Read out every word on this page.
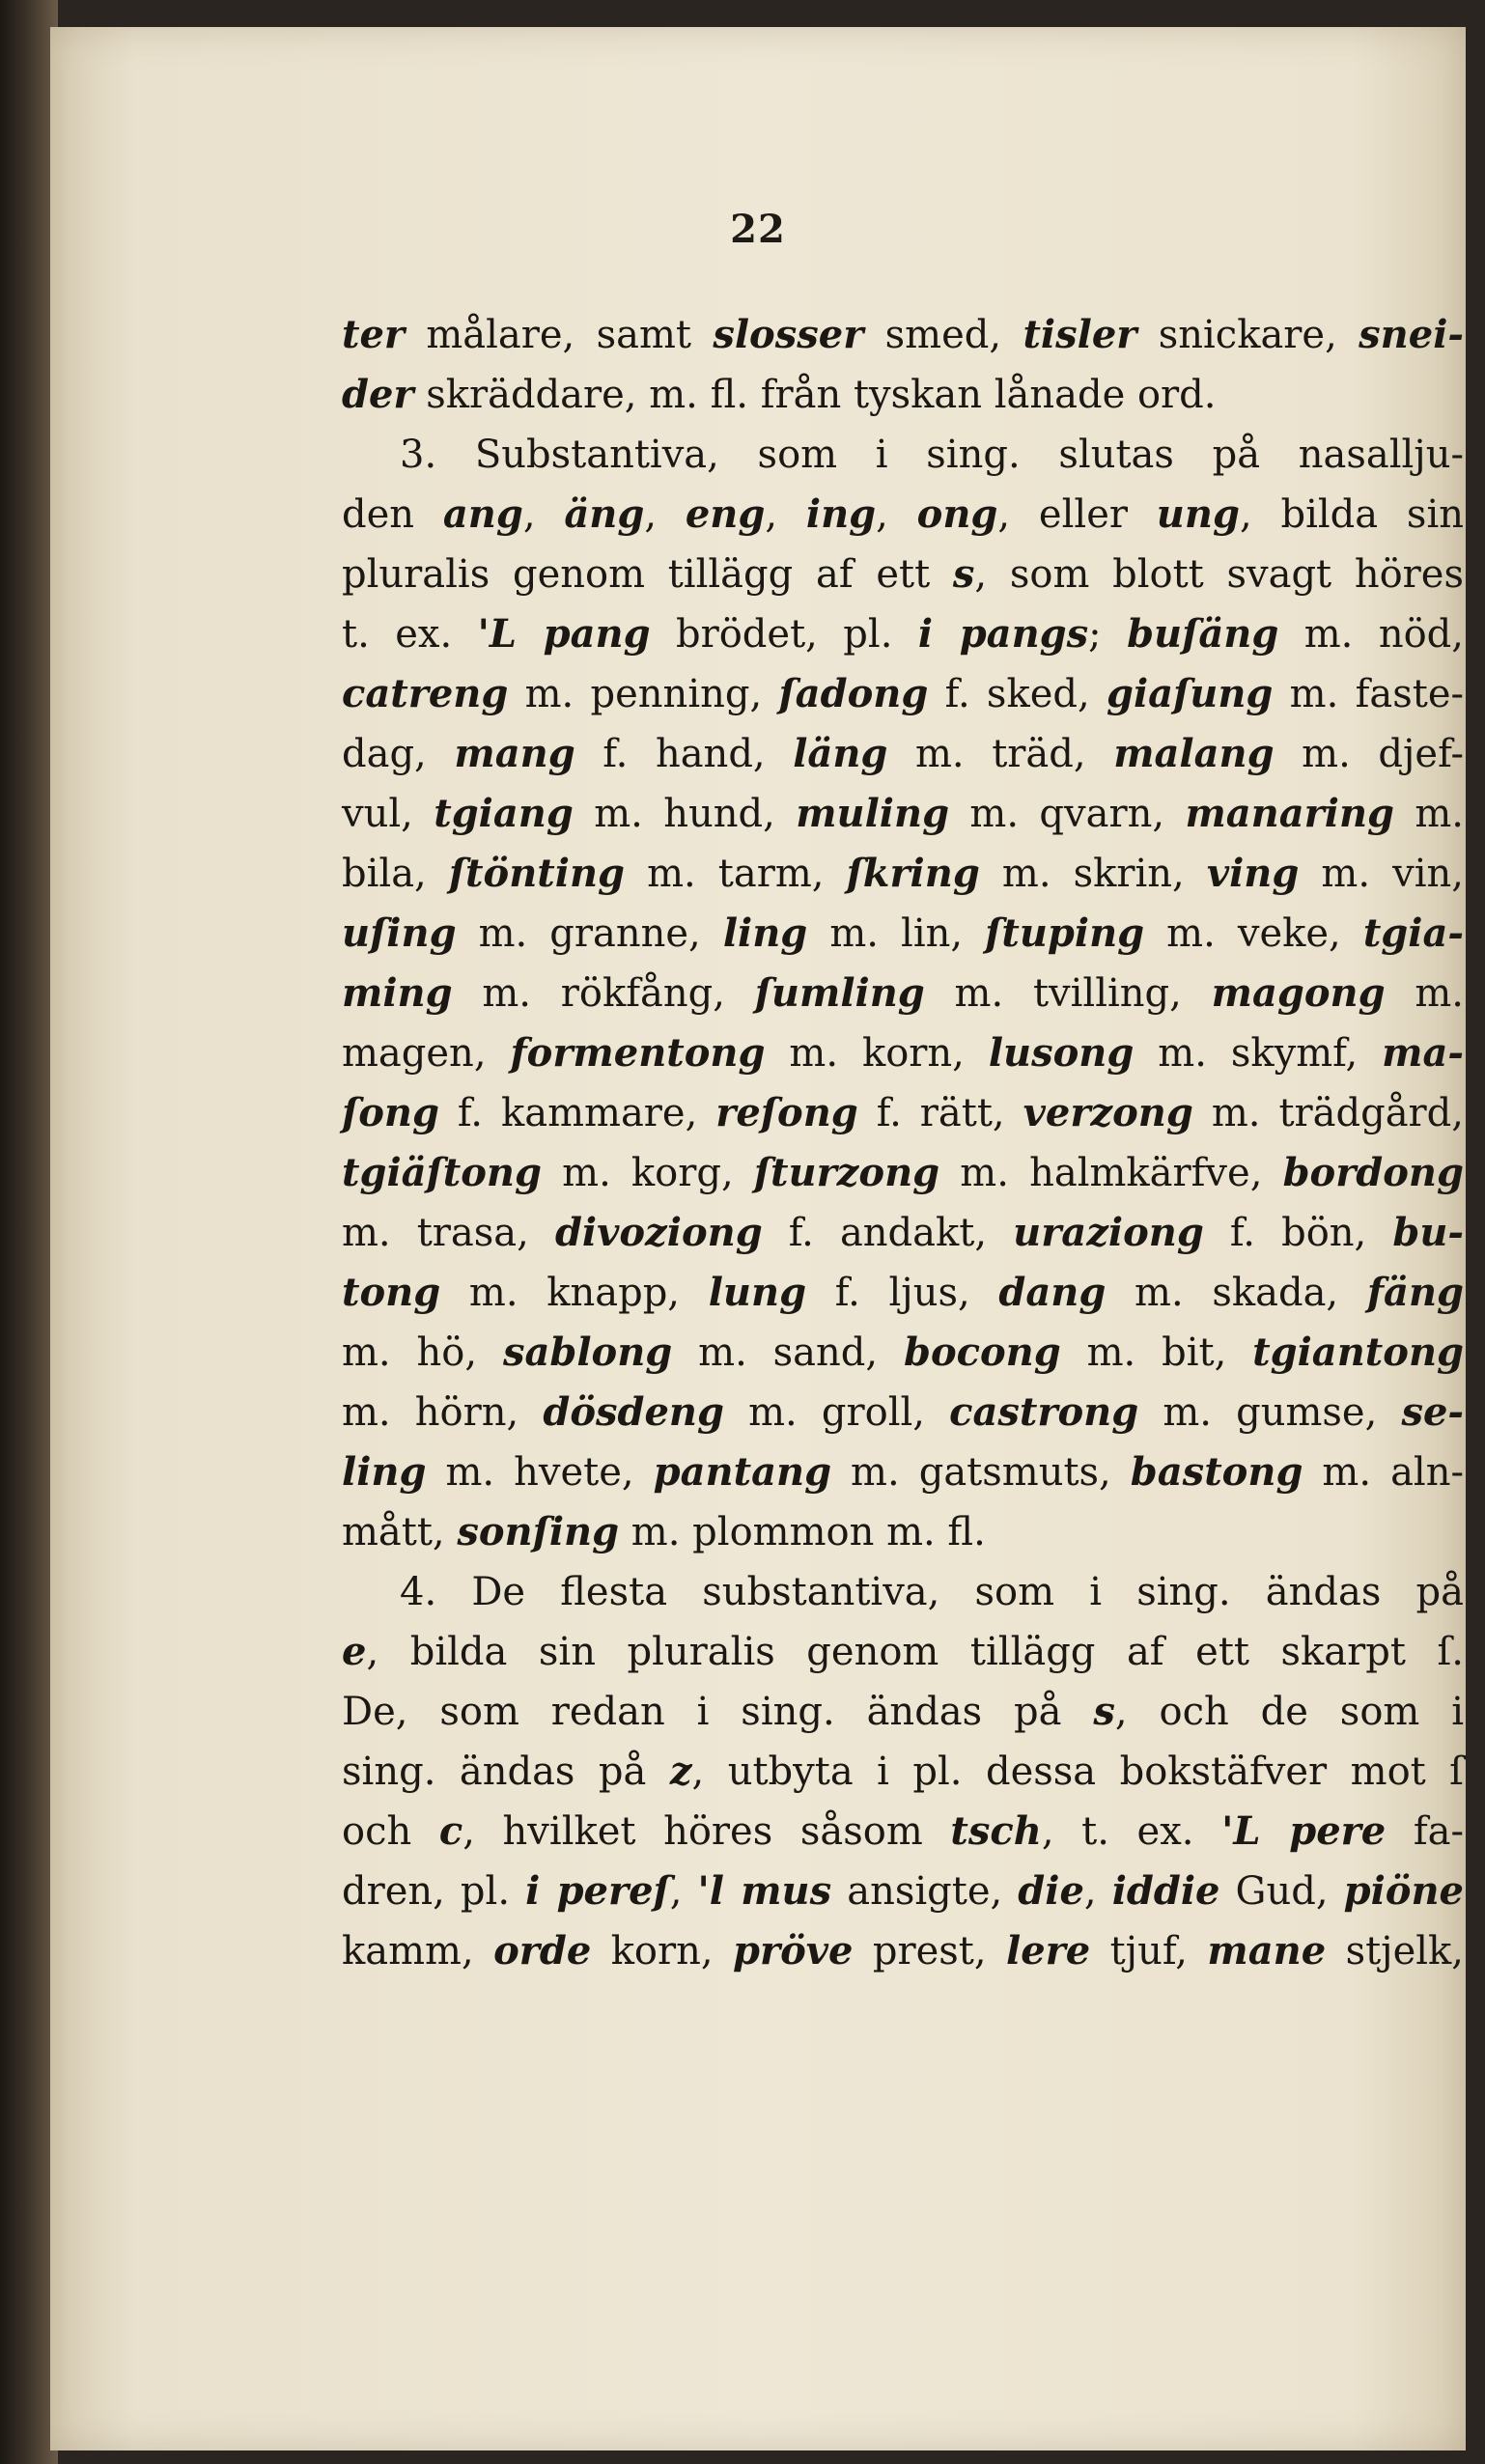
22
ter målare, samt slosser smed, tisler snickare, snei-
der skräddare, m. fl. från tyskan lånade ord.
3. Substantiva, som i sing. slutas på nasallju-
den ang, äng, eng, ing, ong, eller ung, bilda sin
pluralis genom tillägg af ett s, som blott svagt höres
t. ex. 'L pang brödet, pl. i pangs; buſäng m. nöd,
catreng m. penning, ſadong f. sked, giaſung m. faste-
dag, mang f. hand, läng m. träd, malang m. djef-
vul, tgiang m. hund, muling m. qvarn, manaring m.
bila, ſtönting m. tarm, ſkring m. skrin, ving m. vin,
uſing m. granne, ling m. lin, ſtuping m. veke, tgia-
ming m. rökfång, ſumling m. tvilling, magong m.
magen, formentong m. korn, lusong m. skymf, ma-
ſong f. kammare, reſong f. rätt, verzong m. trädgård,
tgiäſtong m. korg, ſturzong m. halmkärfve, bordong
m. trasa, divoziong f. andakt, uraziong f. bön, bu-
tong m. knapp, lung f. ljus, dang m. skada, fäng
m. hö, sablong m. sand, bocong m. bit, tgiantong
m. hörn, dösdeng m. groll, castrong m. gumse, se-
ling m. hvete, pantang m. gatsmuts, bastong m. aln-
mått, sonſing m. plommon m. fl.
4. De flesta substantiva, som i sing. ändas på
e, bilda sin pluralis genom tillägg af ett skarpt ſ.
De, som redan i sing. ändas på s, och de som i
sing. ändas på z, utbyta i pl. dessa bokstäfver mot ſ
och c, hvilket höres såsom tsch, t. ex. 'L pere fa-
dren, pl. i pereſ, 'l mus ansigte, die, iddie Gud, piöne
kamm, orde korn, pröve prest, lere tjuf, mane stjelk,
